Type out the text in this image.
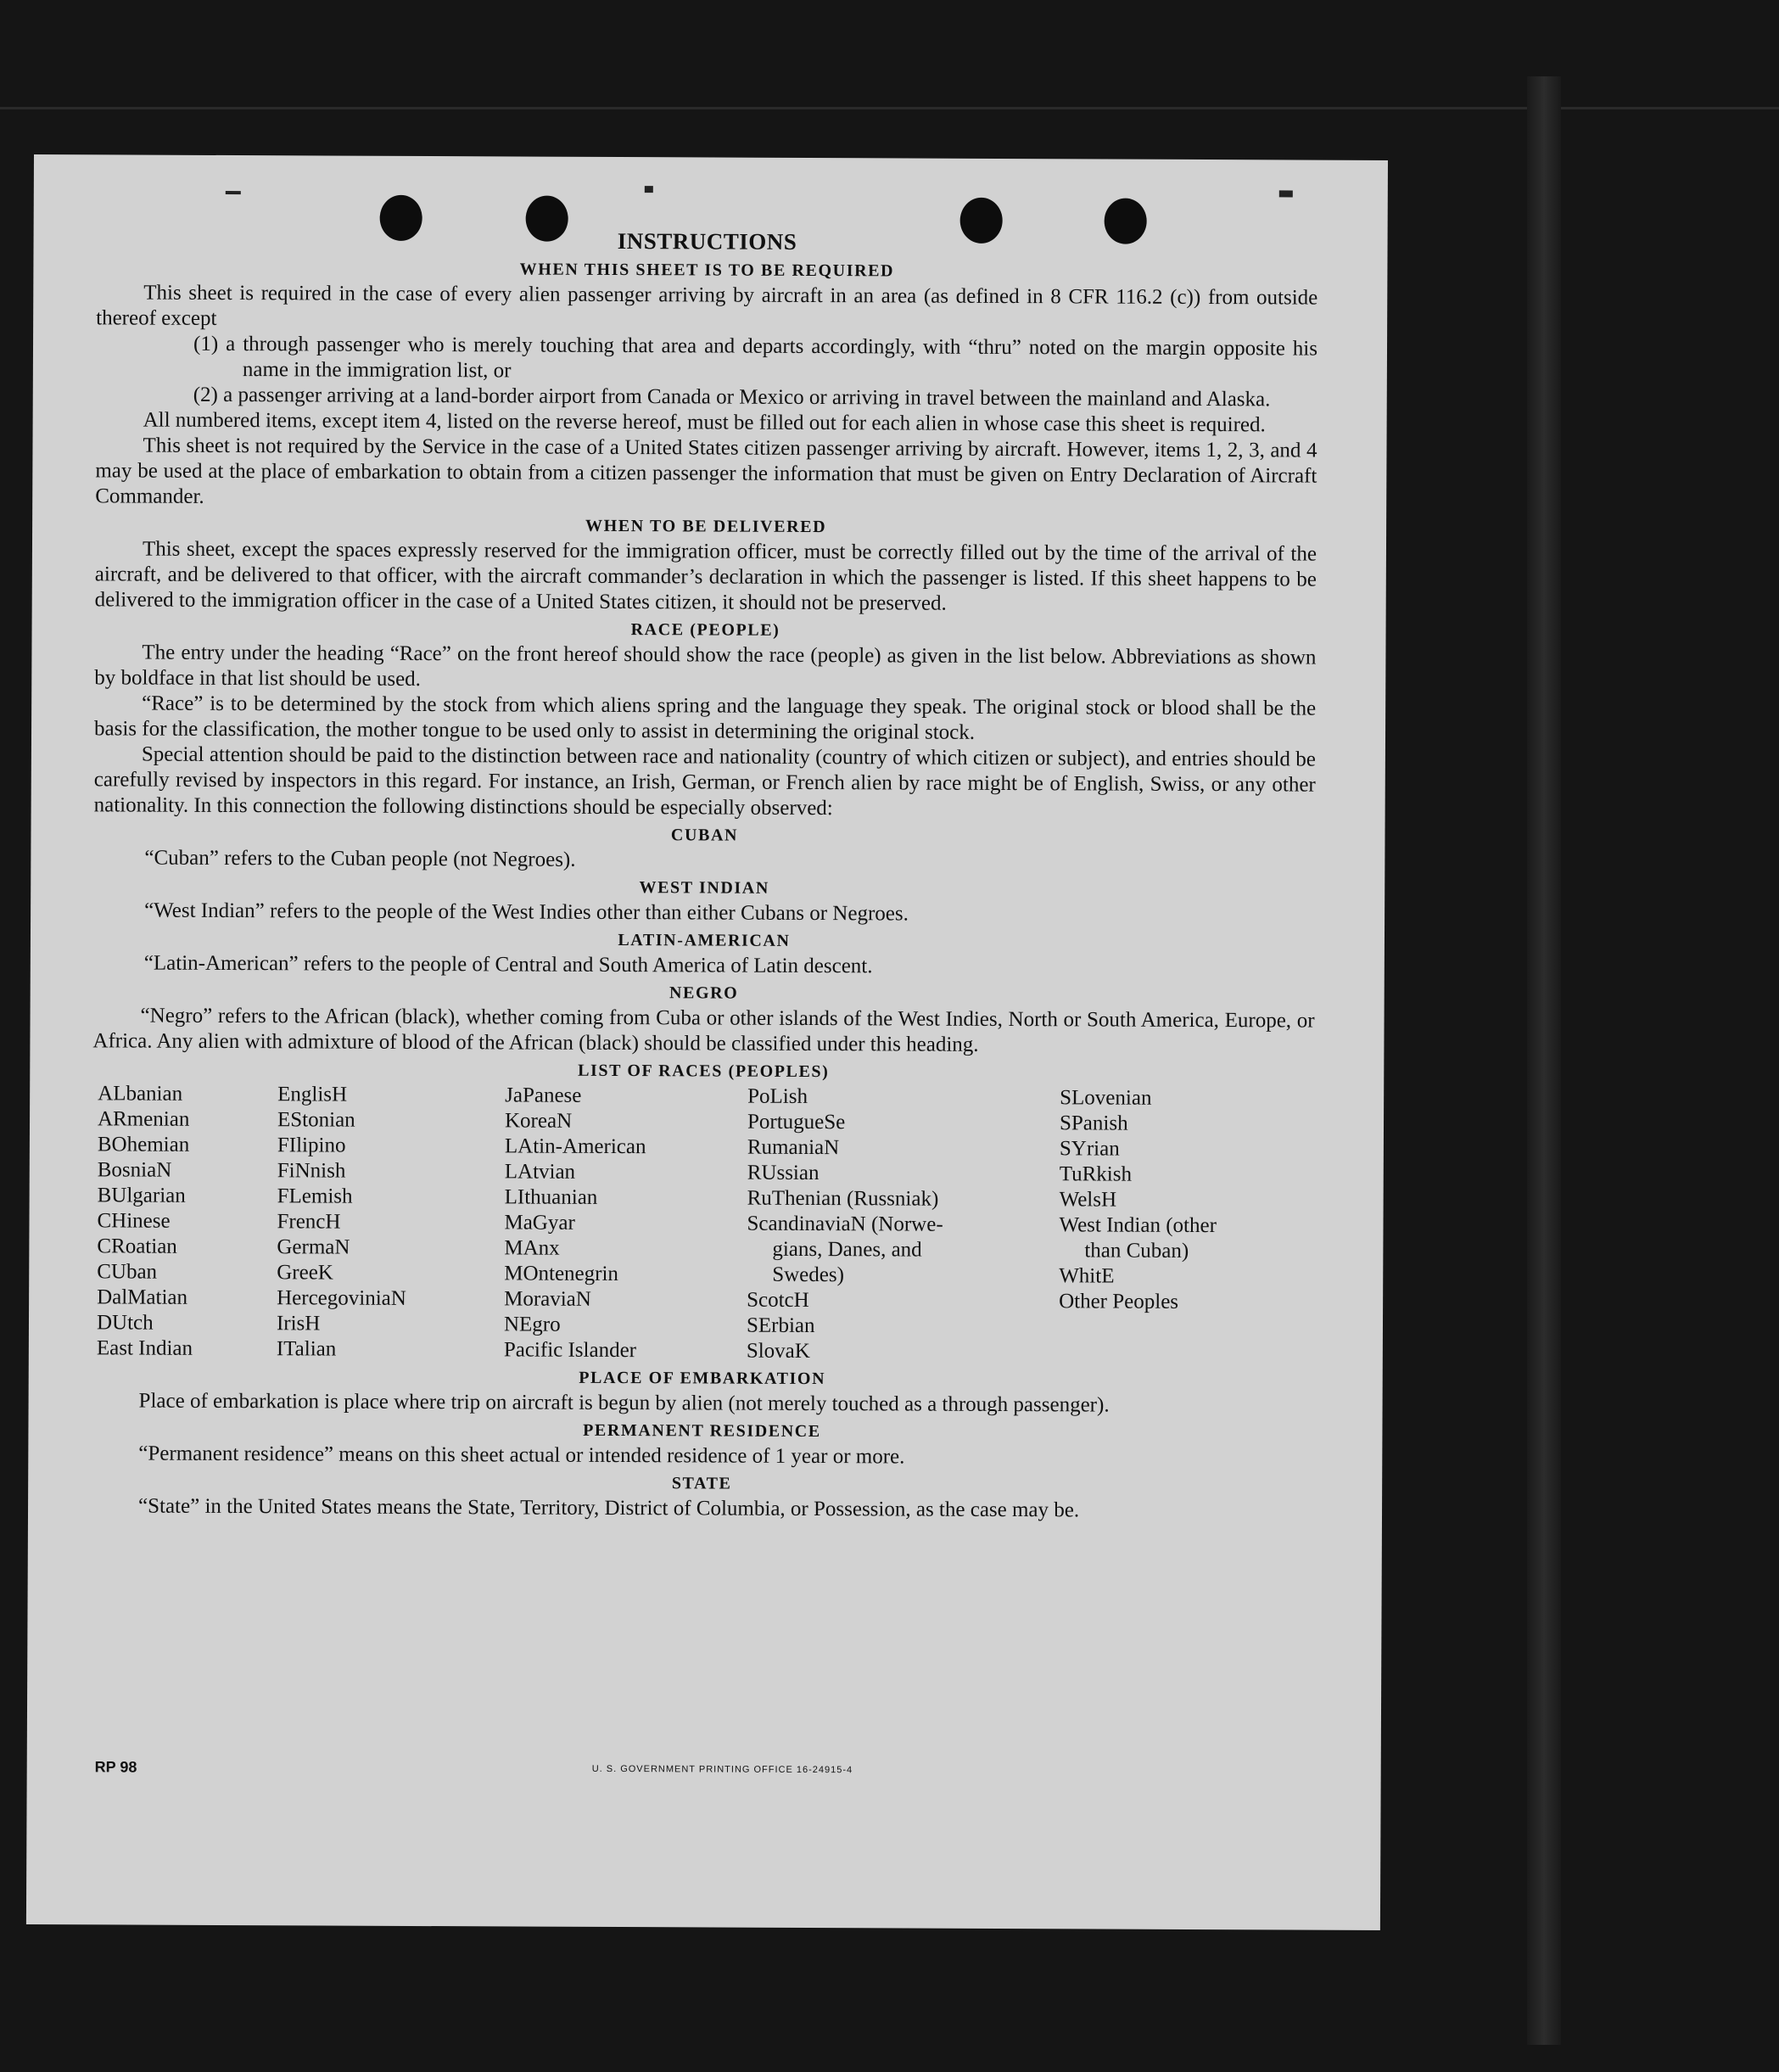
INSTRUCTIONS

WHEN THIS SHEET IS TO BE REQUIRED

This sheet is required in the case of every alien passenger arriving by aircraft in an area (as defined in 8 CFR 116.2 (c)) from outside thereof except

(1) a through passenger who is merely touching that area and departs accordingly, with “thru” noted on the margin opposite his name in the immigration list, or

(2) a passenger arriving at a land-border airport from Canada or Mexico or arriving in travel between the mainland and Alaska.

All numbered items, except item 4, listed on the reverse hereof, must be filled out for each alien in whose case this sheet is required.

This sheet is not required by the Service in the case of a United States citizen passenger arriving by aircraft. However, items 1, 2, 3, and 4 may be used at the place of embarkation to obtain from a citizen passenger the information that must be given on Entry Declaration of Aircraft Commander.

WHEN TO BE DELIVERED

This sheet, except the spaces expressly reserved for the immigration officer, must be correctly filled out by the time of the arrival of the aircraft, and be delivered to that officer, with the aircraft commander’s declaration in which the passenger is listed. If this sheet happens to be delivered to the immigration officer in the case of a United States citizen, it should not be preserved.

RACE (PEOPLE)

The entry under the heading “Race” on the front hereof should show the race (people) as given in the list below. Abbreviations as shown by boldface in that list should be used.

“Race” is to be determined by the stock from which aliens spring and the language they speak. The original stock or blood shall be the basis for the classification, the mother tongue to be used only to assist in determining the original stock.

Special attention should be paid to the distinction between race and nationality (country of which citizen or subject), and entries should be carefully revised by inspectors in this regard. For instance, an Irish, German, or French alien by race might be of English, Swiss, or any other nationality. In this connection the following distinctions should be especially observed:

CUBAN

“Cuban” refers to the Cuban people (not Negroes).

WEST INDIAN

“West Indian” refers to the people of the West Indies other than either Cubans or Negroes.

LATIN-AMERICAN

“Latin-American” refers to the people of Central and South America of Latin descent.

NEGRO

“Negro” refers to the African (black), whether coming from Cuba or other islands of the West Indies, North or South America, Europe, or Africa. Any alien with admixture of blood of the African (black) should be classified under this heading.

LIST OF RACES (PEOPLES)

ALbanian
ARmenian
BOhemian
BosniaN
BUlgarian
CHinese
CRoatian
CUban
DalMatian
DUtch
East Indian
EnglisH
EStonian
FIlipino
FiNnish
FLemish
FrencH
GermaN
GreeK
HercegoviniaN
IrisH
ITalian
JaPanese
KoreaN
LAtin-American
LAtvian
LIthuanian
MaGyar
MAnx
MOntenegrin
MoraviaN
NEgro
Pacific Islander
PoLish
PortugueSe
RumaniaN
RUssian
RuThenian (Russniak)
ScandinaviaN (Norwe-
gians, Danes, and
Swedes)
ScotcH
SErbian
SlovaK
SLovenian
SPanish
SYrian
TuRkish
WelsH
West Indian (other
than Cuban)
WhitE
Other Peoples

PLACE OF EMBARKATION

Place of embarkation is place where trip on aircraft is begun by alien (not merely touched as a through passenger).

PERMANENT RESIDENCE

“Permanent residence” means on this sheet actual or intended residence of 1 year or more.

STATE

“State” in the United States means the State, Territory, District of Columbia, or Possession, as the case may be.

RP 98	U. S. GOVERNMENT PRINTING OFFICE 16-24915-4
